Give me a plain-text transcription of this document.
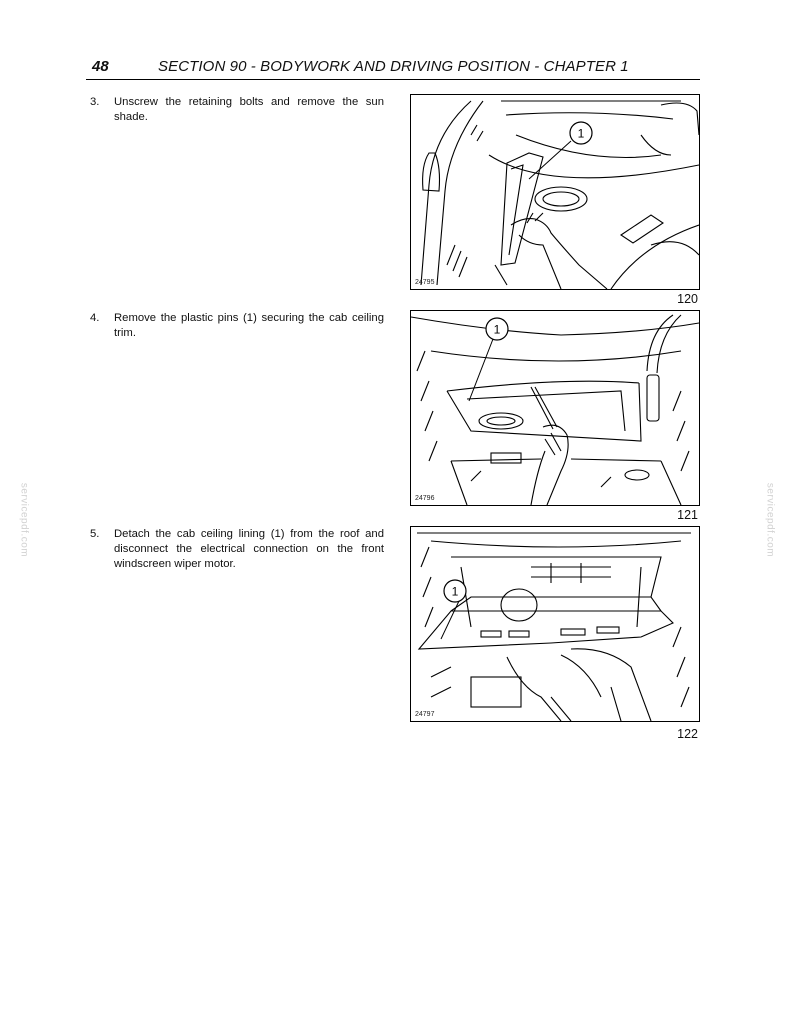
48	SECTION 90 - BODYWORK AND DRIVING POSITION - CHAPTER 1
3.	Unscrew the retaining bolts and remove the sun shade.
4.	Remove the plastic pins (1) securing the cab ceiling trim.
5.	Detach the cab ceiling lining (1) from the roof and disconnect the electrical connection on the front windscreen wiper motor.
1
24795
120
1
24796
121
1
24797
122
servicepdf.com	servicepdf.com
